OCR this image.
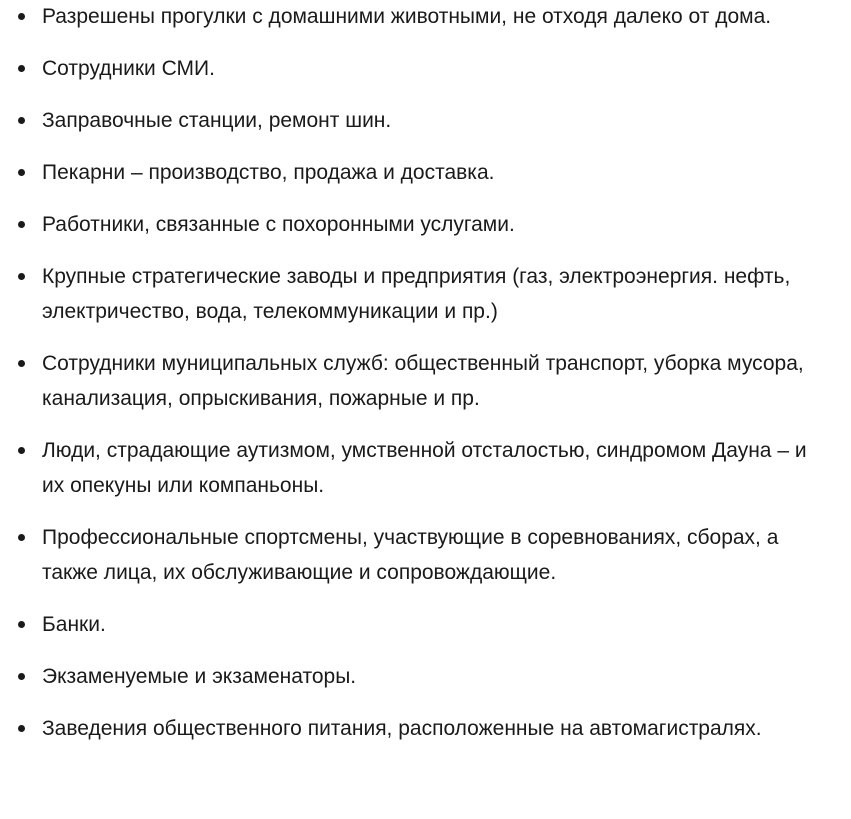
Разрешены прогулки с домашними животными, не отходя далеко от дома.
Сотрудники СМИ.
Заправочные станции, ремонт шин.
Пекарни – производство, продажа и доставка.
Работники, связанные с похоронными услугами.
Крупные стратегические заводы и предприятия (газ, электроэнергия. нефть, электричество, вода, телекоммуникации и пр.)
Сотрудники муниципальных служб: общественный транспорт, уборка мусора, канализация, опрыскивания, пожарные и пр.
Люди, страдающие аутизмом, умственной отсталостью, синдромом Дауна – и их опекуны или компаньоны.
Профессиональные спортсмены, участвующие в соревнованиях, сборах, а также лица, их обслуживающие и сопровождающие.
Банки.
Экзаменуемые и экзаменаторы.
Заведения общественного питания, расположенные на автомагистралях.
